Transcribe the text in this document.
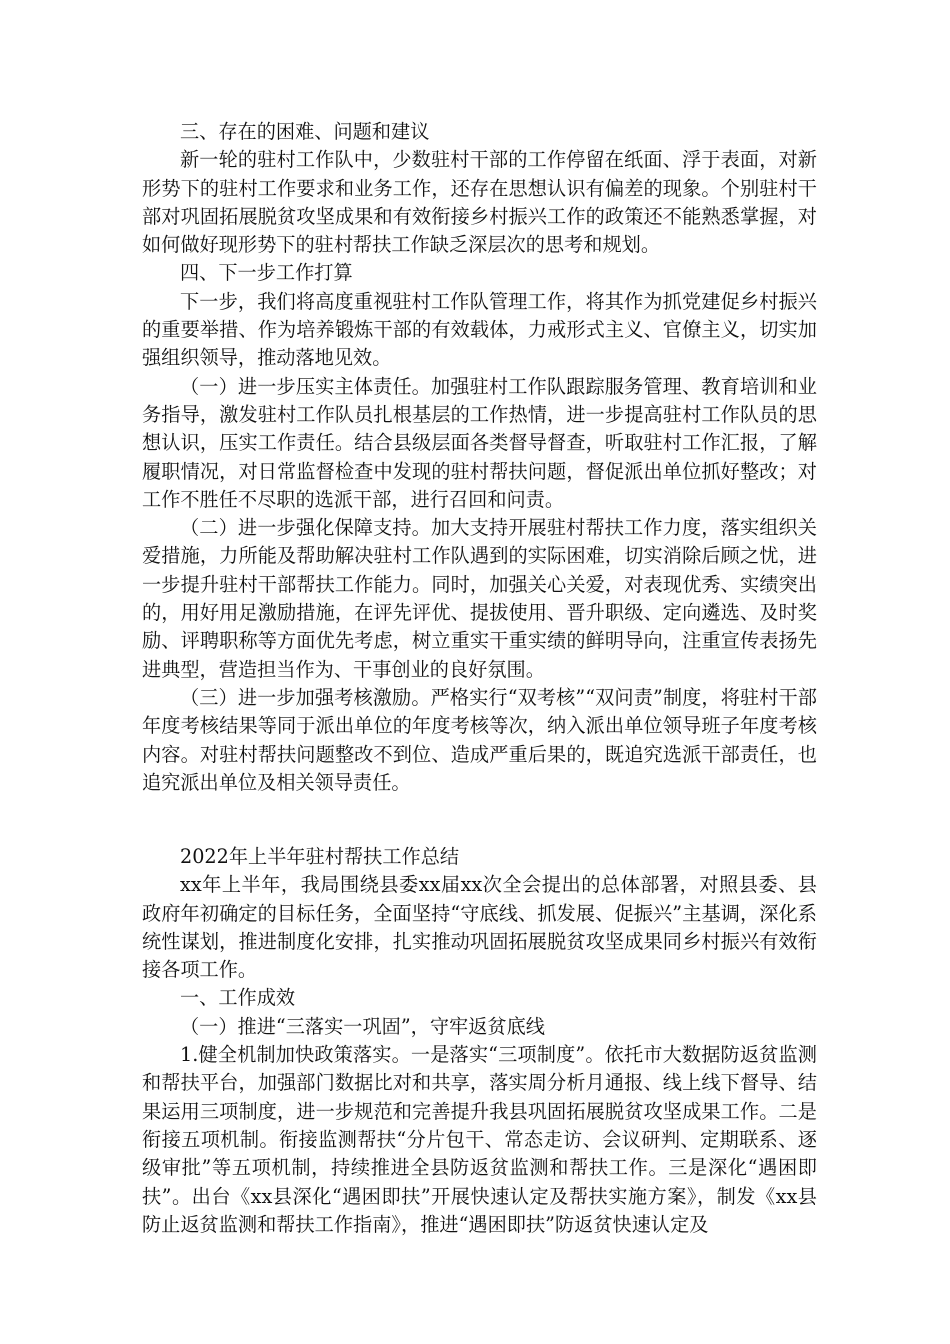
三、存在的困难、问题和建议

新一轮的驻村工作队中，少数驻村干部的工作停留在纸面、浮于表面，对新形势下的驻村工作要求和业务工作，还存在思想认识有偏差的现象。个别驻村干部对巩固拓展脱贫攻坚成果和有效衔接乡村振兴工作的政策还不能熟悉掌握，对如何做好现形势下的驻村帮扶工作缺乏深层次的思考和规划。

四、下一步工作打算

下一步，我们将高度重视驻村工作队管理工作，将其作为抓党建促乡村振兴的重要举措、作为培养锻炼干部的有效载体，力戒形式主义、官僚主义，切实加强组织领导，推动落地见效。

（一）进一步压实主体责任。加强驻村工作队跟踪服务管理、教育培训和业务指导，激发驻村工作队员扎根基层的工作热情，进一步提高驻村工作队员的思想认识，压实工作责任。结合县级层面各类督导督查，听取驻村工作汇报，了解履职情况，对日常监督检查中发现的驻村帮扶问题，督促派出单位抓好整改；对工作不胜任不尽职的选派干部，进行召回和问责。

（二）进一步强化保障支持。加大支持开展驻村帮扶工作力度，落实组织关爱措施，力所能及帮助解决驻村工作队遇到的实际困难，切实消除后顾之忧，进一步提升驻村干部帮扶工作能力。同时，加强关心关爱，对表现优秀、实绩突出的，用好用足激励措施，在评先评优、提拔使用、晋升职级、定向遴选、及时奖励、评聘职称等方面优先考虑，树立重实干重实绩的鲜明导向，注重宣传表扬先进典型，营造担当作为、干事创业的良好氛围。

（三）进一步加强考核激励。严格实行“双考核”“双问责”制度，将驻村干部年度考核结果等同于派出单位的年度考核等次，纳入派出单位领导班子年度考核内容。对驻村帮扶问题整改不到位、造成严重后果的，既追究选派干部责任，也追究派出单位及相关领导责任。

2022年上半年驻村帮扶工作总结

xx年上半年，我局围绕县委xx届xx次全会提出的总体部署，对照县委、县政府年初确定的目标任务，全面坚持“守底线、抓发展、促振兴”主基调，深化系统性谋划，推进制度化安排，扎实推动巩固拓展脱贫攻坚成果同乡村振兴有效衔接各项工作。

一、工作成效

（一）推进“三落实一巩固”，守牢返贫底线

1.健全机制加快政策落实。一是落实“三项制度”。依托市大数据防返贫监测和帮扶平台，加强部门数据比对和共享，落实周分析月通报、线上线下督导、结果运用三项制度，进一步规范和完善提升我县巩固拓展脱贫攻坚成果工作。二是衔接五项机制。衔接监测帮扶“分片包干、常态走访、会议研判、定期联系、逐级审批”等五项机制，持续推进全县防返贫监测和帮扶工作。三是深化“遇困即扶”。出台《xx县深化“遇困即扶”开展快速认定及帮扶实施方案》，制发《xx县防止返贫监测和帮扶工作指南》，推进“遇困即扶”防返贫快速认定及
